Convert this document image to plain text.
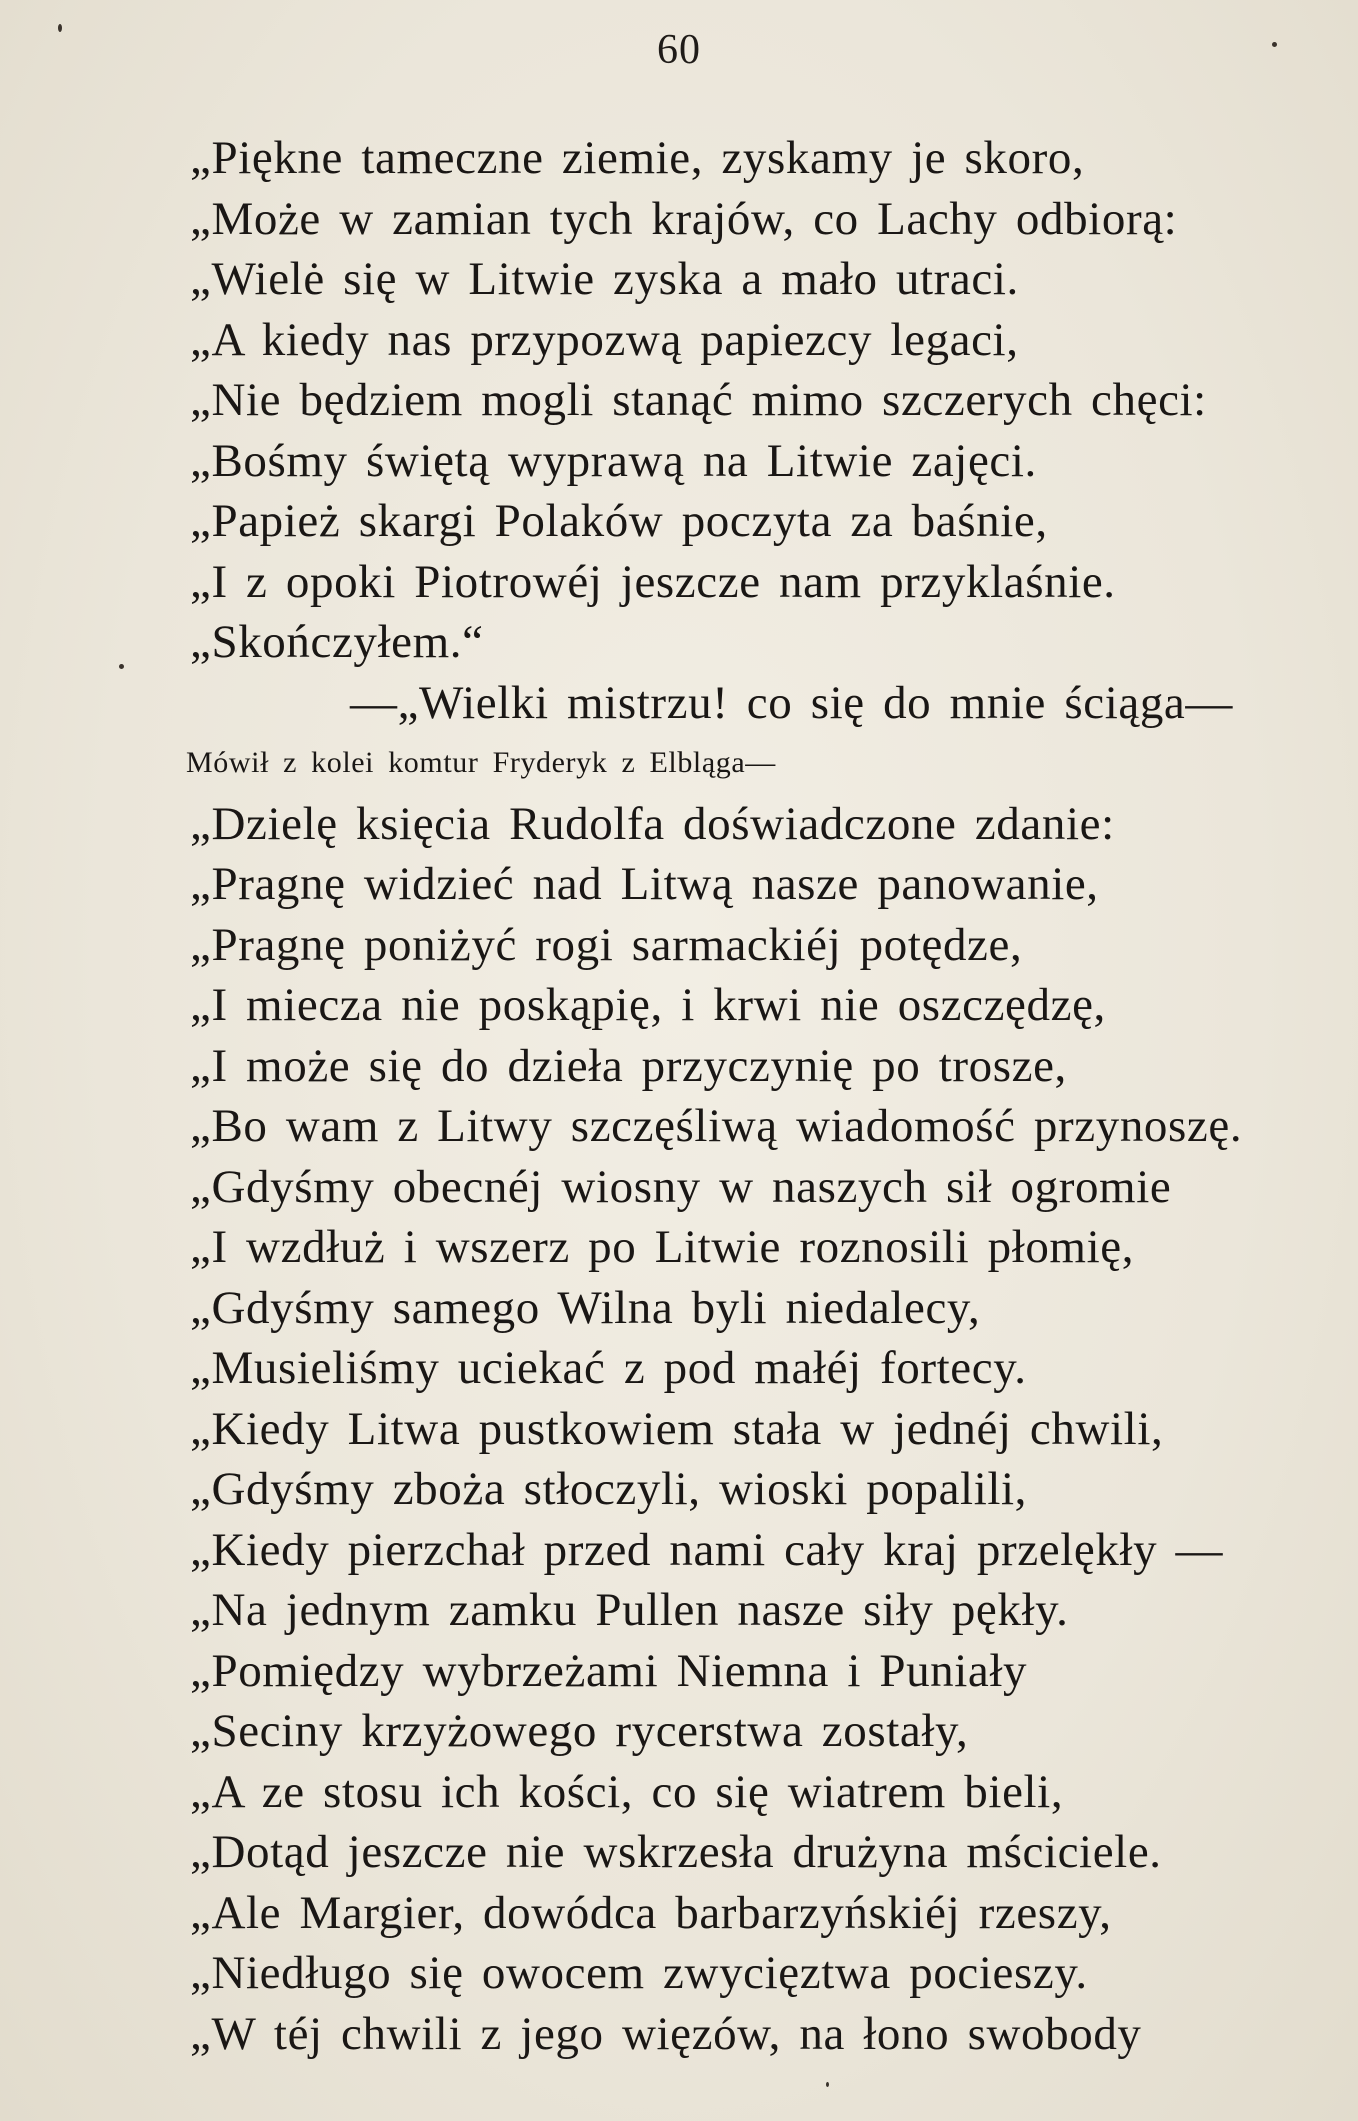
60
„Piękne tameczne ziemie, zyskamy je skoro,
„Może w zamian tych krajów, co Lachy odbiorą:
„Wielė się w Litwie zyska a mało utraci.
„A kiedy nas przypozwą papiezcy legaci,
„Nie będziem mogli stanąć mimo szczerych chęci:
„Bośmy świętą wyprawą na Litwie zajęci.
„Papież skargi Polaków poczyta za baśnie,
„I z opoki Piotrowéj jeszcze nam przyklaśnie.
„Skończyłem.“
—„Wielki mistrzu! co się do mnie ściąga—
Mówił z kolei komtur Fryderyk z Elbląga—
„Dzielę księcia Rudolfa doświadczone zdanie:
„Pragnę widzieć nad Litwą nasze panowanie,
„Pragnę poniżyć rogi sarmackiéj potędze,
„I miecza nie poskąpię, i krwi nie oszczędzę,
„I może się do dzieła przyczynię po trosze,
„Bo wam z Litwy szczęśliwą wiadomość przynoszę.
„Gdyśmy obecnéj wiosny w naszych sił ogromie
„I wzdłuż i wszerz po Litwie roznosili płomię,
„Gdyśmy samego Wilna byli niedalecy,
„Musieliśmy uciekać z pod małéj fortecy.
„Kiedy Litwa pustkowiem stała w jednéj chwili,
„Gdyśmy zboża stłoczyli, wioski popalili,
„Kiedy pierzchał przed nami cały kraj przelękły —
„Na jednym zamku Pullen nasze siły pękły.
„Pomiędzy wybrzeżami Niemna i Puniały
„Seciny krzyżowego rycerstwa zostały,
„A ze stosu ich kości, co się wiatrem bieli,
„Dotąd jeszcze nie wskrzesła drużyna mściciele.
„Ale Margier, dowódca barbarzyńskiéj rzeszy,
„Niedługo się owocem zwycięztwa pocieszy.
„W téj chwili z jego więzów, na łono swobody
